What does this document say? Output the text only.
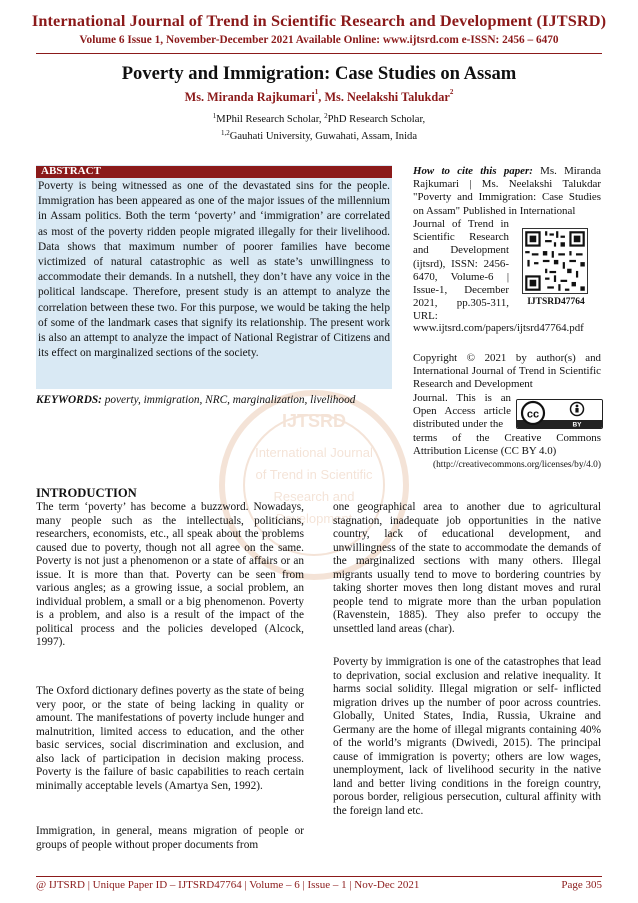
International Journal of Trend in Scientific Research and Development (IJTSRD)
Volume 6 Issue 1, November-December 2021 Available Online: www.ijtsrd.com e-ISSN: 2456 – 6470
Poverty and Immigration: Case Studies on Assam
Ms. Miranda Rajkumari$^1$, Ms. Neelakshi Talukdar$^2$
$^1$MPhil Research Scholar, $^2$PhD Research Scholar,
$^{1,2}$Gauhati University, Guwahati, Assam, Inida
IJTSRD
International Journal
of Trend in Scientific
Research and
Development
ABSTRACT
Poverty is being witnessed as one of the devastated sins for the people. Immigration has been appeared as one of the major issues of the millennium in Assam politics. Both the term ‘poverty’ and ‘immigration’ are correlated as most of the poverty ridden people migrated illegally for their livelihood. Data shows that maximum number of poorer families have become victimized of natural catastrophic as well as state’s unwillingness to accommodate their demands. In a nutshell, they don’t have any voice in the political landscape. Therefore, present study is an attempt to analyze the correlation between these two. For this purpose, we would be taking the help of some of the landmark cases that signify its relationship. The present work is also an attempt to analyze the impact of National Registrar of Citizens and its effect on marginalized sections of the society.
KEYWORDS: poverty, immigration, NRC, marginalization, livelihood
How to cite this paper: Ms. Miranda Rajkumari | Ms. Neelakshi Talukdar "Poverty and Immigration: Case Studies on Assam" Published in International
Journal of Trend in Scientific Research and Development (ijtsrd), ISSN: 2456-6470, Volume-6 | Issue-1, December 2021, pp.305-311, URL:
www.ijtsrd.com/papers/ijtsrd47764.pdf
IJTSRD47764
Copyright © 2021 by author(s) and International Journal of Trend in Scientific Research and Development
Journal. This is an Open Access article distributed under the
cc
BY
terms of the Creative Commons Attribution License (CC BY 4.0)
(http://creativecommons.org/licenses/by/4.0)
INTRODUCTION
The term ‘poverty’ has become a buzzword. Nowadays, many people such as the intellectuals, politicians, researchers, economists, etc., all speak about the problems caused due to poverty, though not all agree on the same. Poverty is not just a phenomenon or a state of affairs or an issue. It is more than that. Poverty can be seen from various angles; as a growing issue, a social problem, an individual problem, a small or a big phenomenon. Poverty is a problem, and also is a result of the impact of the political process and the policies developed (Alcock, 1997).
The Oxford dictionary defines poverty as the state of being very poor, or the state of being lacking in quality or amount. The manifestations of poverty include hunger and malnutrition, limited access to education, and the other basic services, social discrimination and exclusion, and also lack of participation in decision making process. Poverty is the failure of basic capabilities to reach certain minimally acceptable levels (Amartya Sen, 1992).
Immigration, in general, means migration of people or groups of people without proper documents from
one geographical area to another due to agricultural stagnation, inadequate job opportunities in the native country, lack of educational development, and unwillingness of the state to accommodate the demands of the marginalized sections with many others. Illegal migrants usually tend to move to bordering countries by taking shorter moves then long distant moves and rural people tend to migrate more than the urban population (Ravenstein, 1885). They also prefer to occupy the unsettled land areas (char).
Poverty by immigration is one of the catastrophes that lead to deprivation, social exclusion and relative inequality. It harms social solidity. Illegal migration or self- inflicted migration drives up the number of poor across countries. Globally, United States, India, Russia, Ukraine and Germany are the home of illegal migrants containing 40% of the world’s migrants (Dwivedi, 2015). The principal cause of immigration is poverty; others are low wages, unemployment, lack of livelihood security in the native land and better living conditions in the foreign country, porous border, religious persecution, cultural affinity with the foreign land etc.
@ IJTSRD | Unique Paper ID – IJTSRD47764 | Volume – 6 | Issue – 1 | Nov-Dec 2021	Page 305
